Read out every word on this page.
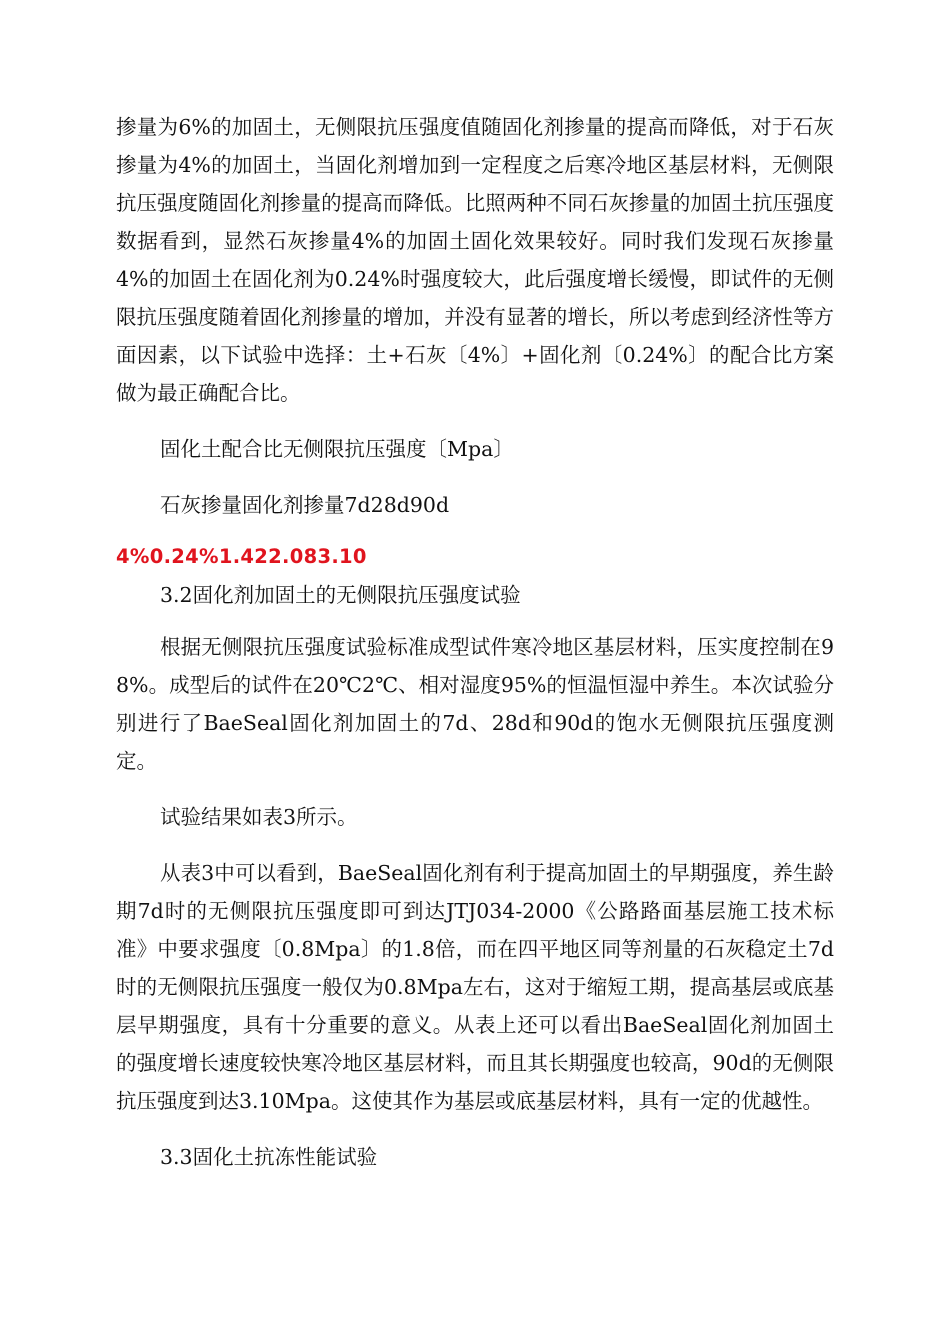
掺量为6%的加固土，无侧限抗压强度值随固化剂掺量的提高而降低，对于石灰掺量为4%的加固土，当固化剂增加到一定程度之后寒冷地区基层材料，无侧限抗压强度随固化剂掺量的提高而降低。比照两种不同石灰掺量的加固土抗压强度数据看到，显然石灰掺量4%的加固土固化效果较好。同时我们发现石灰掺量4%的加固土在固化剂为0.24%时强度较大，此后强度增长缓慢，即试件的无侧限抗压强度随着固化剂掺量的增加，并没有显著的增长，所以考虑到经济性等方面因素，以下试验中选择：土+石灰〔4%〕+固化剂〔0.24%〕的配合比方案做为最正确配合比。

固化土配合比无侧限抗压强度〔Mpa〕

石灰掺量固化剂掺量7d28d90d

4%0.24%1.422.083.10

3.2固化剂加固土的无侧限抗压强度试验

根据无侧限抗压强度试验标准成型试件寒冷地区基层材料，压实度控制在98%。成型后的试件在20℃2℃、相对湿度95%的恒温恒湿中养生。本次试验分别进行了BaeSeal固化剂加固土的7d、28d和90d的饱水无侧限抗压强度测定。

试验结果如表3所示。

从表3中可以看到，BaeSeal固化剂有利于提高加固土的早期强度，养生龄期7d时的无侧限抗压强度即可到达JTJ034-2000《公路路面基层施工技术标准》中要求强度〔0.8Mpa〕的1.8倍，而在四平地区同等剂量的石灰稳定土7d时的无侧限抗压强度一般仅为0.8Mpa左右，这对于缩短工期，提高基层或底基层早期强度，具有十分重要的意义。从表上还可以看出BaeSeal固化剂加固土的强度增长速度较快寒冷地区基层材料，而且其长期强度也较高，90d的无侧限抗压强度到达3.10Mpa。这使其作为基层或底基层材料，具有一定的优越性。

3.3固化土抗冻性能试验
